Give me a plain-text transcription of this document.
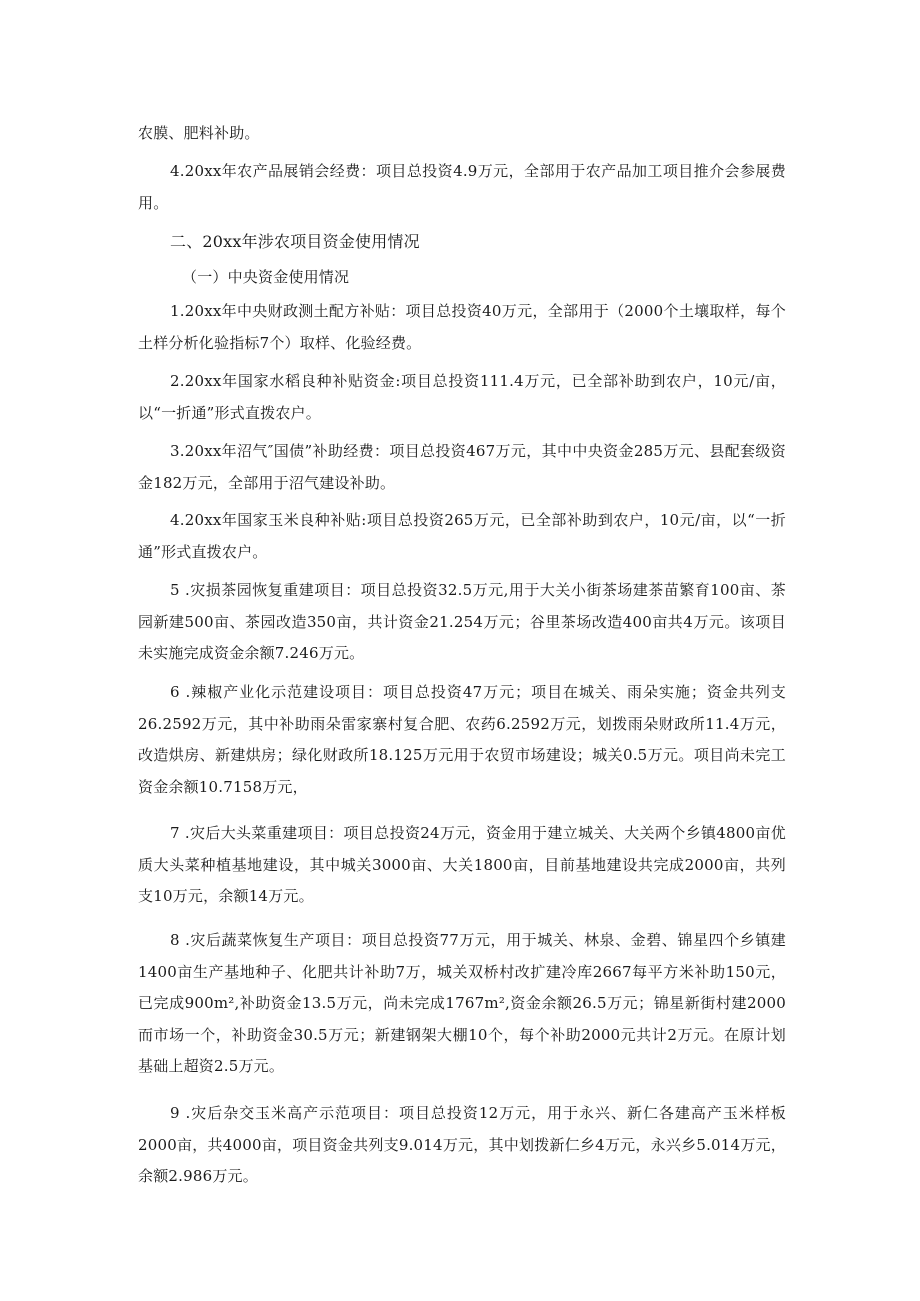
农膜、肥料补助。

4.20xx年农产品展销会经费：项目总投资4.9万元，全部用于农产品加工项目推介会参展费用。

二、20xx年涉农项目资金使用情况

（一）中央资金使用情况

1.20xx年中央财政测土配方补贴：项目总投资40万元，全部用于（2000个土壤取样，每个土样分析化验指标7个）取样、化验经费。

2.20xx年国家水稻良种补贴资金:项目总投资111.4万元，已全部补助到农户，10元/亩，以“一折通”形式直拨农户。

3.20xx年沼气″国债”补助经费：项目总投资467万元，其中中央资金285万元、县配套级资金182万元，全部用于沼气建设补助。

4.20xx年国家玉米良种补贴:项目总投资265万元，已全部补助到农户，10元/亩，以“一折通”形式直拨农户。

5 .灾损茶园恢复重建项目：项目总投资32.5万元,用于大关小街茶场建茶苗繁育100亩、茶园新建500亩、茶园改造350亩，共计资金21.254万元；谷里茶场改造400亩共4万元。该项目未实施完成资金余额7.246万元。

6 .辣椒产业化示范建设项目：项目总投资47万元；项目在城关、雨朵实施；资金共列支26.2592万元，其中补助雨朵雷家寨村复合肥、农药6.2592万元，划拨雨朵财政所11.4万元，改造烘房、新建烘房；绿化财政所18.125万元用于农贸市场建设；城关0.5万元。项目尚未完工资金余额10.7158万元，

7 .灾后大头菜重建项目：项目总投资24万元，资金用于建立城关、大关两个乡镇4800亩优质大头菜种植基地建设，其中城关3000亩、大关1800亩，目前基地建设共完成2000亩，共列支10万元，余额14万元。

8 .灾后蔬菜恢复生产项目：项目总投资77万元，用于城关、林泉、金碧、锦星四个乡镇建1400亩生产基地种子、化肥共计补助7万，城关双桥村改扩建冷库2667每平方米补助150元，已完成900m²,补助资金13.5万元，尚未完成1767m²,资金余额26.5万元；锦星新街村建2000而市场一个，补助资金30.5万元；新建钢架大棚10个，每个补助2000元共计2万元。在原计划基础上超资2.5万元。

9 .灾后杂交玉米高产示范项目：项目总投资12万元，用于永兴、新仁各建高产玉米样板2000亩，共4000亩，项目资金共列支9.014万元，其中划拨新仁乡4万元，永兴乡5.014万元，余额2.986万元。
